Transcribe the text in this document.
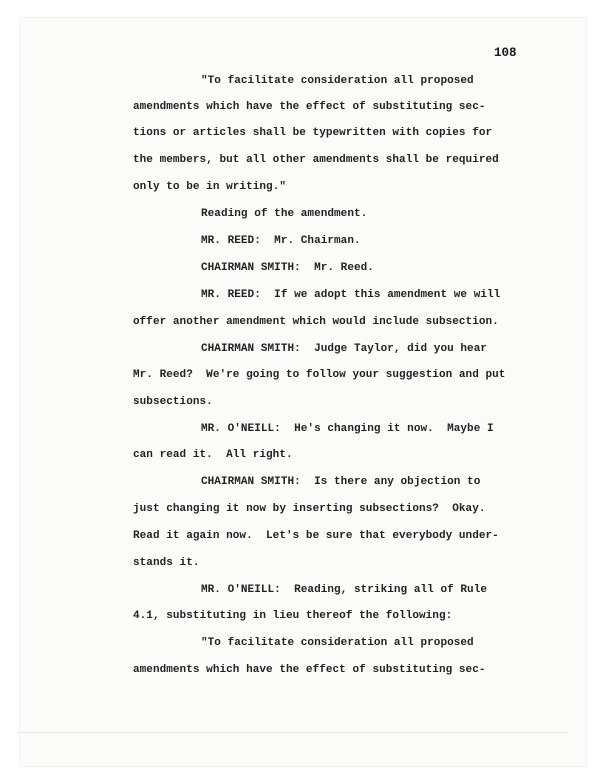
108
"To facilitate consideration all proposed
amendments which have the effect of substituting sec-
tions or articles shall be typewritten with copies for
the members, but all other amendments shall be required
only to be in writing."
Reading of the amendment.
MR. REED:  Mr. Chairman.
CHAIRMAN SMITH:  Mr. Reed.
MR. REED:  If we adopt this amendment we will
offer another amendment which would include subsection.
CHAIRMAN SMITH:  Judge Taylor, did you hear
Mr. Reed?  We're going to follow your suggestion and put
subsections.
MR. O'NEILL:  He's changing it now.  Maybe I
can read it.  All right.
CHAIRMAN SMITH:  Is there any objection to
just changing it now by inserting subsections?  Okay.
Read it again now.  Let's be sure that everybody under-
stands it.
MR. O'NEILL:  Reading, striking all of Rule
4.1, substituting in lieu thereof the following:
"To facilitate consideration all proposed
amendments which have the effect of substituting sec-
